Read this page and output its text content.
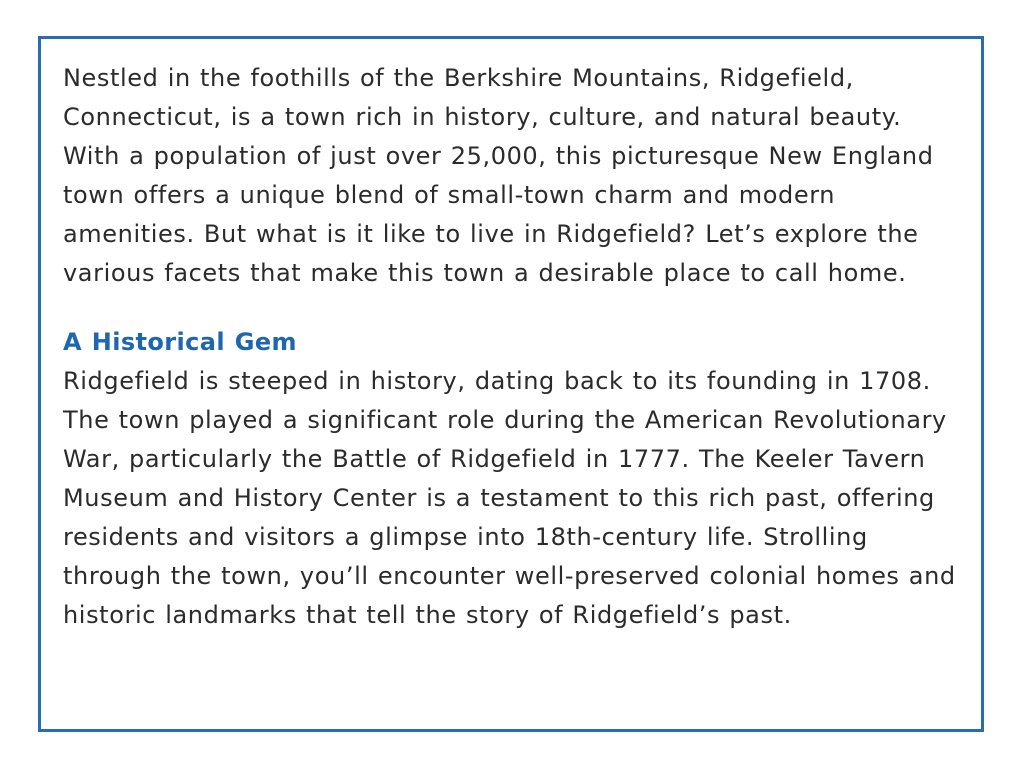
Nestled in the foothills of the Berkshire Mountains, Ridgefield, Connecticut, is a town rich in history, culture, and natural beauty. With a population of just over 25,000, this picturesque New England town offers a unique blend of small-town charm and modern amenities. But what is it like to live in Ridgefield? Let’s explore the various facets that make this town a desirable place to call home.

A Historical Gem

Ridgefield is steeped in history, dating back to its founding in 1708. The town played a significant role during the American Revolutionary War, particularly the Battle of Ridgefield in 1777. The Keeler Tavern Museum and History Center is a testament to this rich past, offering residents and visitors a glimpse into 18th-century life. Strolling through the town, you’ll encounter well-preserved colonial homes and historic landmarks that tell the story of Ridgefield’s past.
